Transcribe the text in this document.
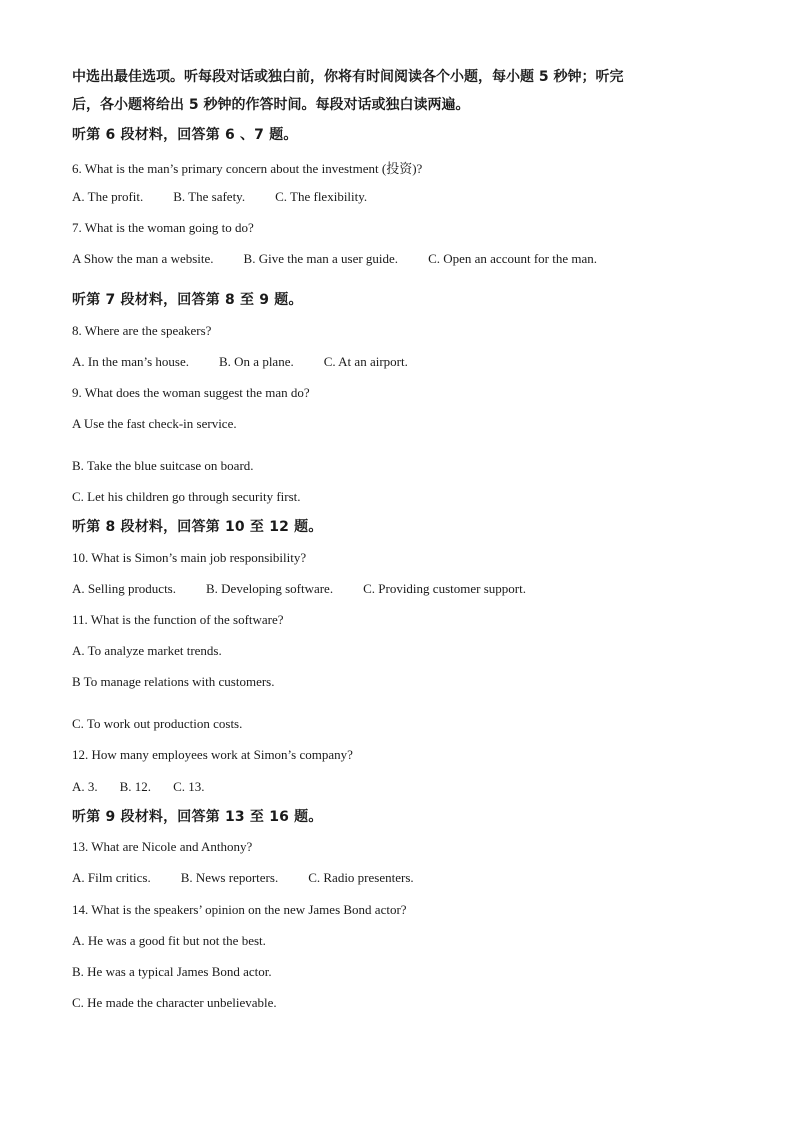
中选出最佳选项。听每段对话或独白前，你将有时间阅读各个小题，每小题 5 秒钟；听完
后，各小题将给出 5 秒钟的作答时间。每段对话或独白读两遍。
听第 6 段材料，回答第 6 、7 题。
6. What is the man’s primary concern about the investment (投资)?
A. The profit. B. The safety. C. The flexibility.
7. What is the woman going to do?
A Show the man a website. B. Give the man a user guide. C. Open an account for the man.
听第 7 段材料，回答第 8 至 9 题。
8. Where are the speakers?
A. In the man’s house. B. On a plane. C. At an airport.
9. What does the woman suggest the man do?
A Use the fast check-in service.
B. Take the blue suitcase on board.
C. Let his children go through security first.
听第 8 段材料，回答第 10 至 12 题。
10. What is Simon’s main job responsibility?
A. Selling products. B. Developing software. C. Providing customer support.
11. What is the function of the software?
A. To analyze market trends.
B To manage relations with customers.
C. To work out production costs.
12. How many employees work at Simon’s company?
A. 3. B. 12. C. 13.
听第 9 段材料，回答第 13 至 16 题。
13. What are Nicole and Anthony?
A. Film critics. B. News reporters. C. Radio presenters.
14. What is the speakers’ opinion on the new James Bond actor?
A. He was a good fit but not the best.
B. He was a typical James Bond actor.
C. He made the character unbelievable.
